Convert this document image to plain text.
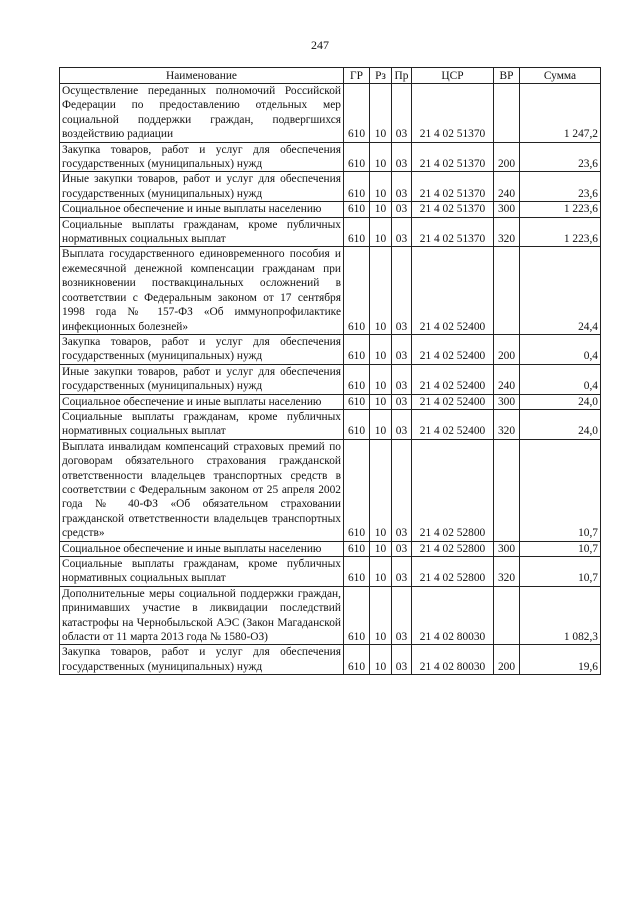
247
Наименование	ГР	Рз	Пр	ЦСР	ВР	Сумма
Осуществление переданных полномочий Российской Федерации по предоставлению отдельных мер социальной поддержки граждан, подвергшихся воздействию радиации	610	10	03	21 4 02 51370		1 247,2
Закупка товаров, работ и услуг для обеспечения государственных (муниципальных) нужд	610	10	03	21 4 02 51370	200	23,6
Иные закупки товаров, работ и услуг для обеспечения государственных (муниципальных) нужд	610	10	03	21 4 02 51370	240	23,6
Социальное обеспечение и иные выплаты населению	610	10	03	21 4 02 51370	300	1 223,6
Социальные выплаты гражданам, кроме публичных нормативных социальных выплат	610	10	03	21 4 02 51370	320	1 223,6
Выплата государственного единовременного пособия и ежемесячной денежной компенсации гражданам при возникновении поствакцинальных осложнений в соответствии с Федеральным законом от 17 сентября 1998 года № 157-ФЗ «Об иммунопрофилактике инфекционных болезней»	610	10	03	21 4 02 52400		24,4
Закупка товаров, работ и услуг для обеспечения государственных (муниципальных) нужд	610	10	03	21 4 02 52400	200	0,4
Иные закупки товаров, работ и услуг для обеспечения государственных (муниципальных) нужд	610	10	03	21 4 02 52400	240	0,4
Социальное обеспечение и иные выплаты населению	610	10	03	21 4 02 52400	300	24,0
Социальные выплаты гражданам, кроме публичных нормативных социальных выплат	610	10	03	21 4 02 52400	320	24,0
Выплата инвалидам компенсаций страховых премий по договорам обязательного страхования гражданской ответственности владельцев транспортных средств в соответствии с Федеральным законом от 25 апреля 2002 года № 40-ФЗ «Об обязательном страховании гражданской ответственности владельцев транспортных средств»	610	10	03	21 4 02 52800		10,7
Социальное обеспечение и иные выплаты населению	610	10	03	21 4 02 52800	300	10,7
Социальные выплаты гражданам, кроме публичных нормативных социальных выплат	610	10	03	21 4 02 52800	320	10,7
Дополнительные меры социальной поддержки граждан, принимавших участие в ликвидации последствий катастрофы на Чернобыльской АЭС (Закон Магаданской области от 11 марта 2013 года № 1580-ОЗ)	610	10	03	21 4 02 80030		1 082,3
Закупка товаров, работ и услуг для обеспечения государственных (муниципальных) нужд	610	10	03	21 4 02 80030	200	19,6
